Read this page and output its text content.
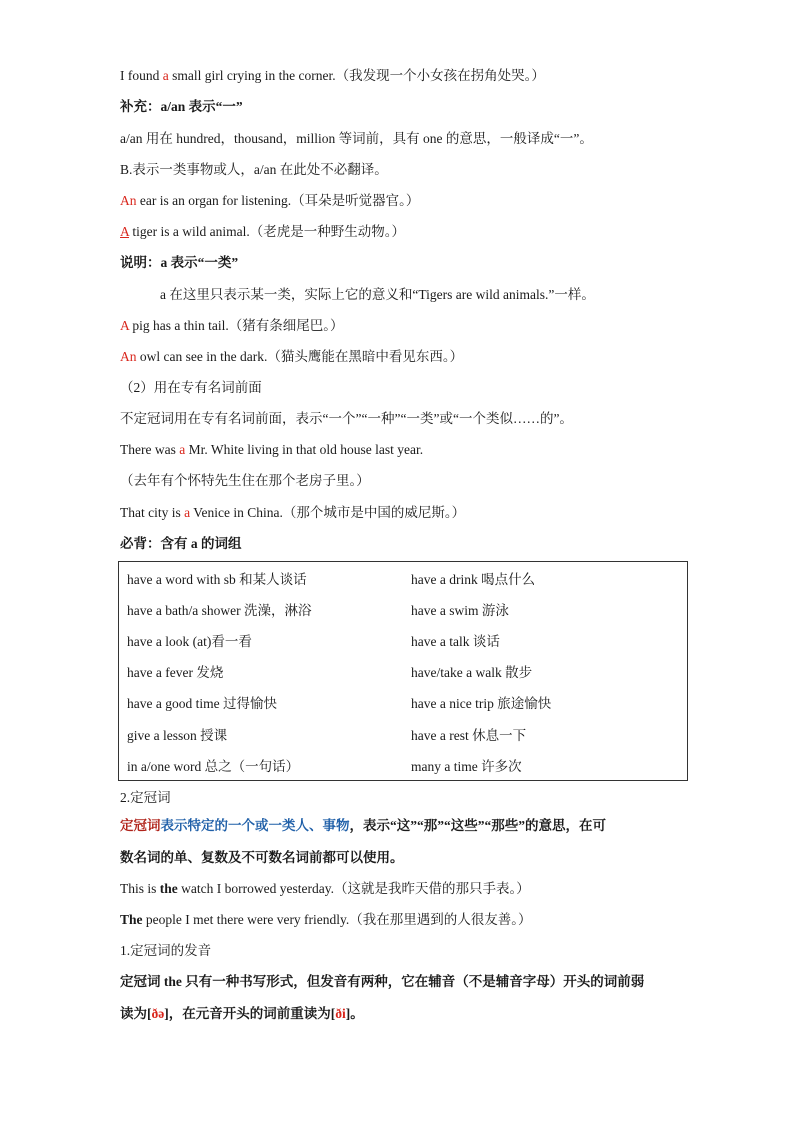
I found a small girl crying in the corner.（我发现一个小女孩在拐角处哭。）
补充：a/an 表示“一”
a/an 用在 hundred，thousand，million 等词前，具有 one 的意思，一般译成“一”。
B.表示一类事物或人，a/an 在此处不必翻译。
An ear is an organ for listening.（耳朵是听觉器官。）
A tiger is a wild animal.（老虎是一种野生动物。）
说明：a 表示“一类”
a 在这里只表示某一类，实际上它的意义和“Tigers are wild animals.”一样。
A pig has a thin tail.（猪有条细尾巴。）
An owl can see in the dark.（猫头鹰能在黑暗中看见东西。）
（2）用在专有名词前面
不定冠词用在专有名词前面，表示“一个”“一种”“一类”或“一个类似……的”。
There was a Mr. White living in that old house last year.
（去年有个怀特先生住在那个老房子里。）
That city is a Venice in China.（那个城市是中国的威尼斯。）
必背：含有 a 的词组
have a word with sb 和某人谈话	have a drink 喝点什么
have a bath/a shower 洗澡，淋浴	have a swim 游泳
have a look (at)看一看	have a talk 谈话
have a fever 发烧	have/take a walk 散步
have a good time 过得愉快	have a nice trip 旅途愉快
give a lesson 授课	have a rest 休息一下
in a/one word 总之（一句话）	many a time 许多次
2.定冠词
定冠词表示特定的一个或一类人、事物，表示“这”“那”“这些”“那些”的意思，在可
数名词的单、复数及不可数名词前都可以使用。
This is the watch I borrowed yesterday.（这就是我昨天借的那只手表。）
The people I met there were very friendly.（我在那里遇到的人很友善。）
1.定冠词的发音
定冠词 the 只有一种书写形式，但发音有两种，它在辅音（不是辅音字母）开头的词前弱
读为[ðə]，在元音开头的词前重读为[ði]。
